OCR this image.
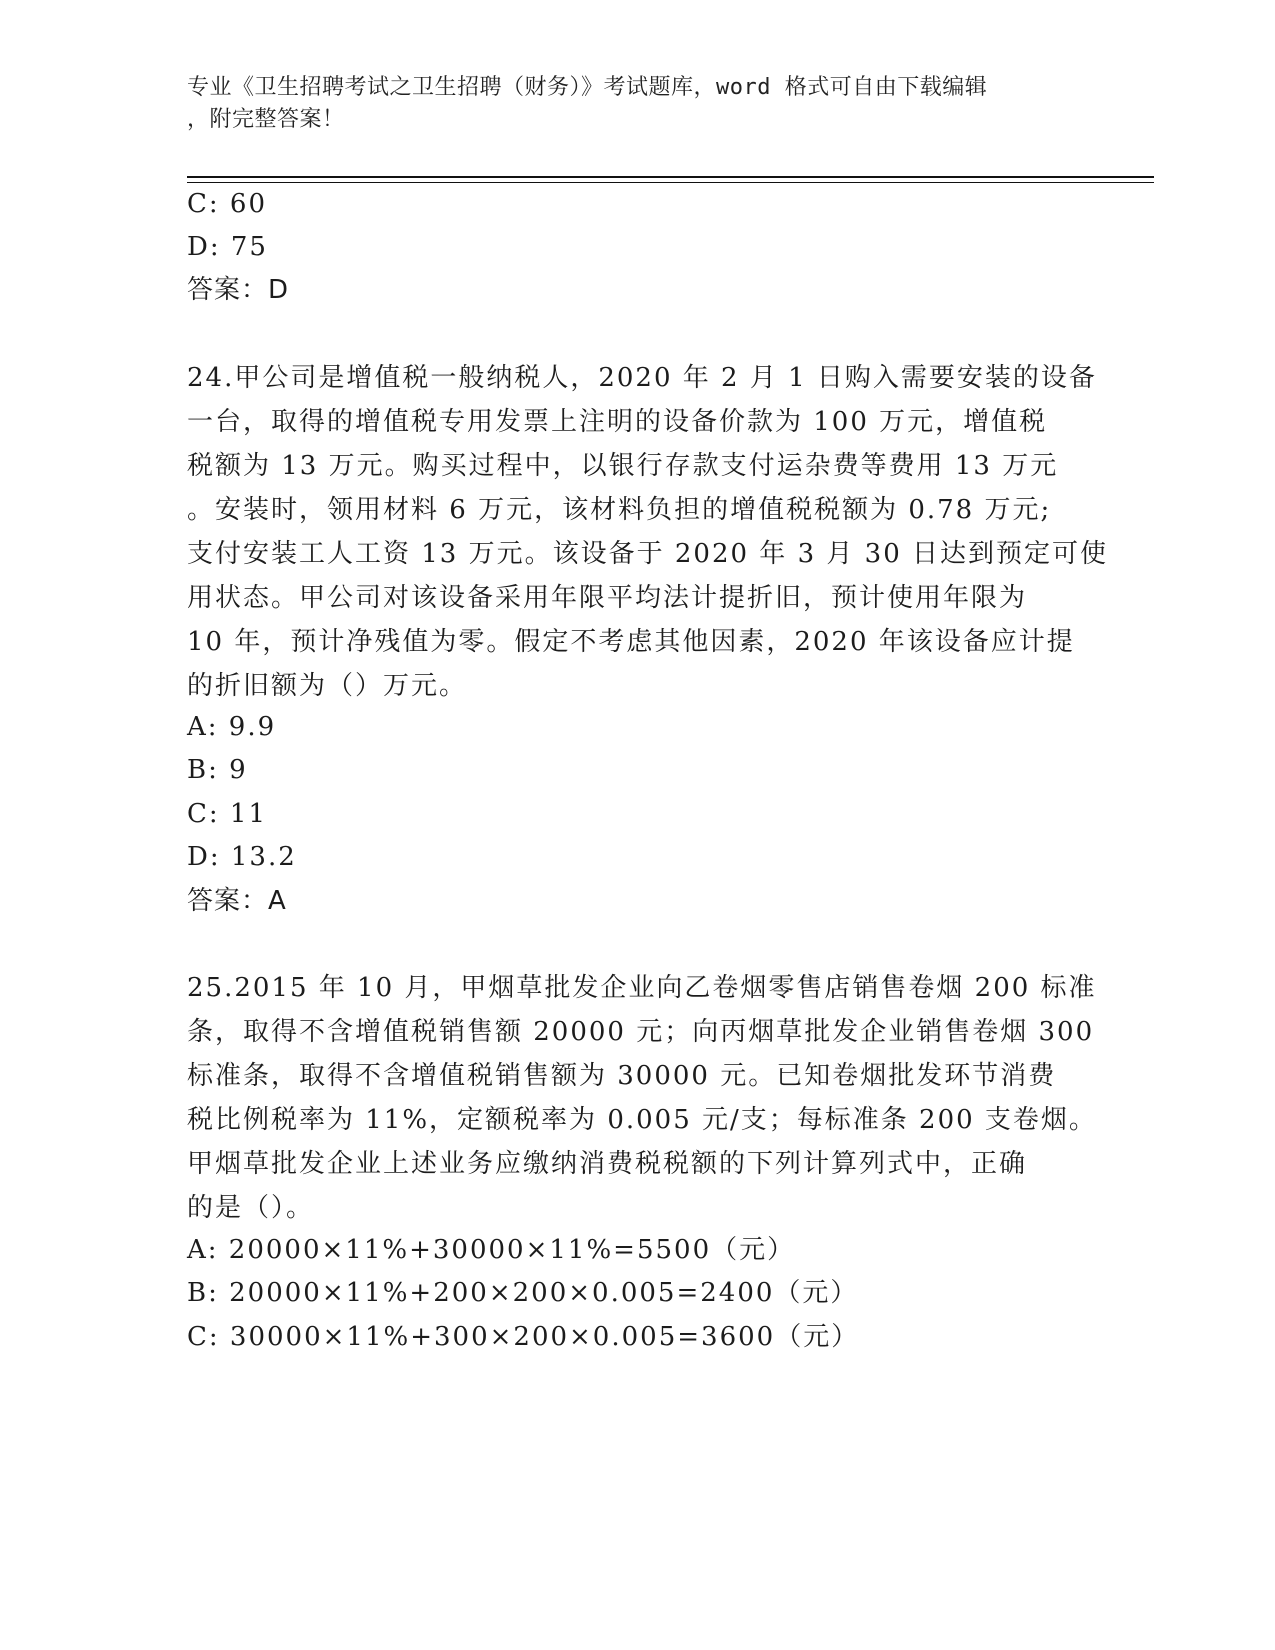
专业《卫生招聘考试之卫生招聘（财务）》考试题库，word 格式可自由下载编辑
，附完整答案！
C: 60
D: 75
答案：D
24.甲公司是增值税一般纳税人，2020 年 2 月 1 日购入需要安装的设备
一台，取得的增值税专用发票上注明的设备价款为 100 万元，增值税
税额为 13 万元。购买过程中，以银行存款支付运杂费等费用 13 万元
。安装时，领用材料 6 万元，该材料负担的增值税税额为 0.78 万元;
支付安装工人工资 13 万元。该设备于 2020 年 3 月 30 日达到预定可使
用状态。甲公司对该设备采用年限平均法计提折旧，预计使用年限为
10 年，预计净残值为零。假定不考虑其他因素，2020 年该设备应计提
的折旧额为（）万元。
A: 9.9
B: 9
C: 11
D: 13.2
答案：A
25.2015 年 10 月，甲烟草批发企业向乙卷烟零售店销售卷烟 200 标准
条，取得不含增值税销售额 20000 元；向丙烟草批发企业销售卷烟 300
标准条，取得不含增值税销售额为 30000 元。已知卷烟批发环节消费
税比例税率为 11%，定额税率为 0.005 元/支；每标准条 200 支卷烟。
甲烟草批发企业上述业务应缴纳消费税税额的下列计算列式中，正确
的是（）。
A: 20000×11%+30000×11%=5500（元）
B: 20000×11%+200×200×0.005=2400（元）
C: 30000×11%+300×200×0.005=3600（元）
